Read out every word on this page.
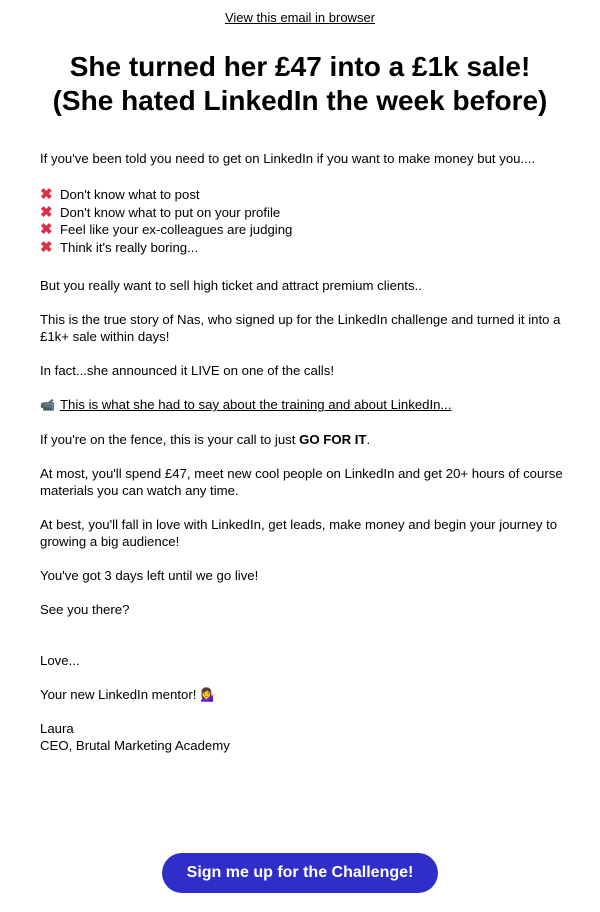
View this email in browser
She turned her £47 into a £1k sale!
(She hated LinkedIn the week before)

If you've been told you need to get on LinkedIn if you want to make money but you....

✖ Don't know what to post
✖ Don't know what to put on your profile
✖ Feel like your ex-colleagues are judging
✖ Think it's really boring...

But you really want to sell high ticket and attract premium clients..

This is the true story of Nas, who signed up for the LinkedIn challenge and turned it into a £1k+ sale within days!

In fact...she announced it LIVE on one of the calls!

📹 This is what she had to say about the training and about LinkedIn...

If you're on the fence, this is your call to just GO FOR IT.

At most, you'll spend £47, meet new cool people on LinkedIn and get 20+ hours of course materials you can watch any time.

At best, you'll fall in love with LinkedIn, get leads, make money and begin your journey to growing a big audience!

You've got 3 days left until we go live!

See you there?

Love...

Your new LinkedIn mentor! 💁‍♀️

Laura

CEO, Brutal Marketing Academy

Sign me up for the Challenge!
